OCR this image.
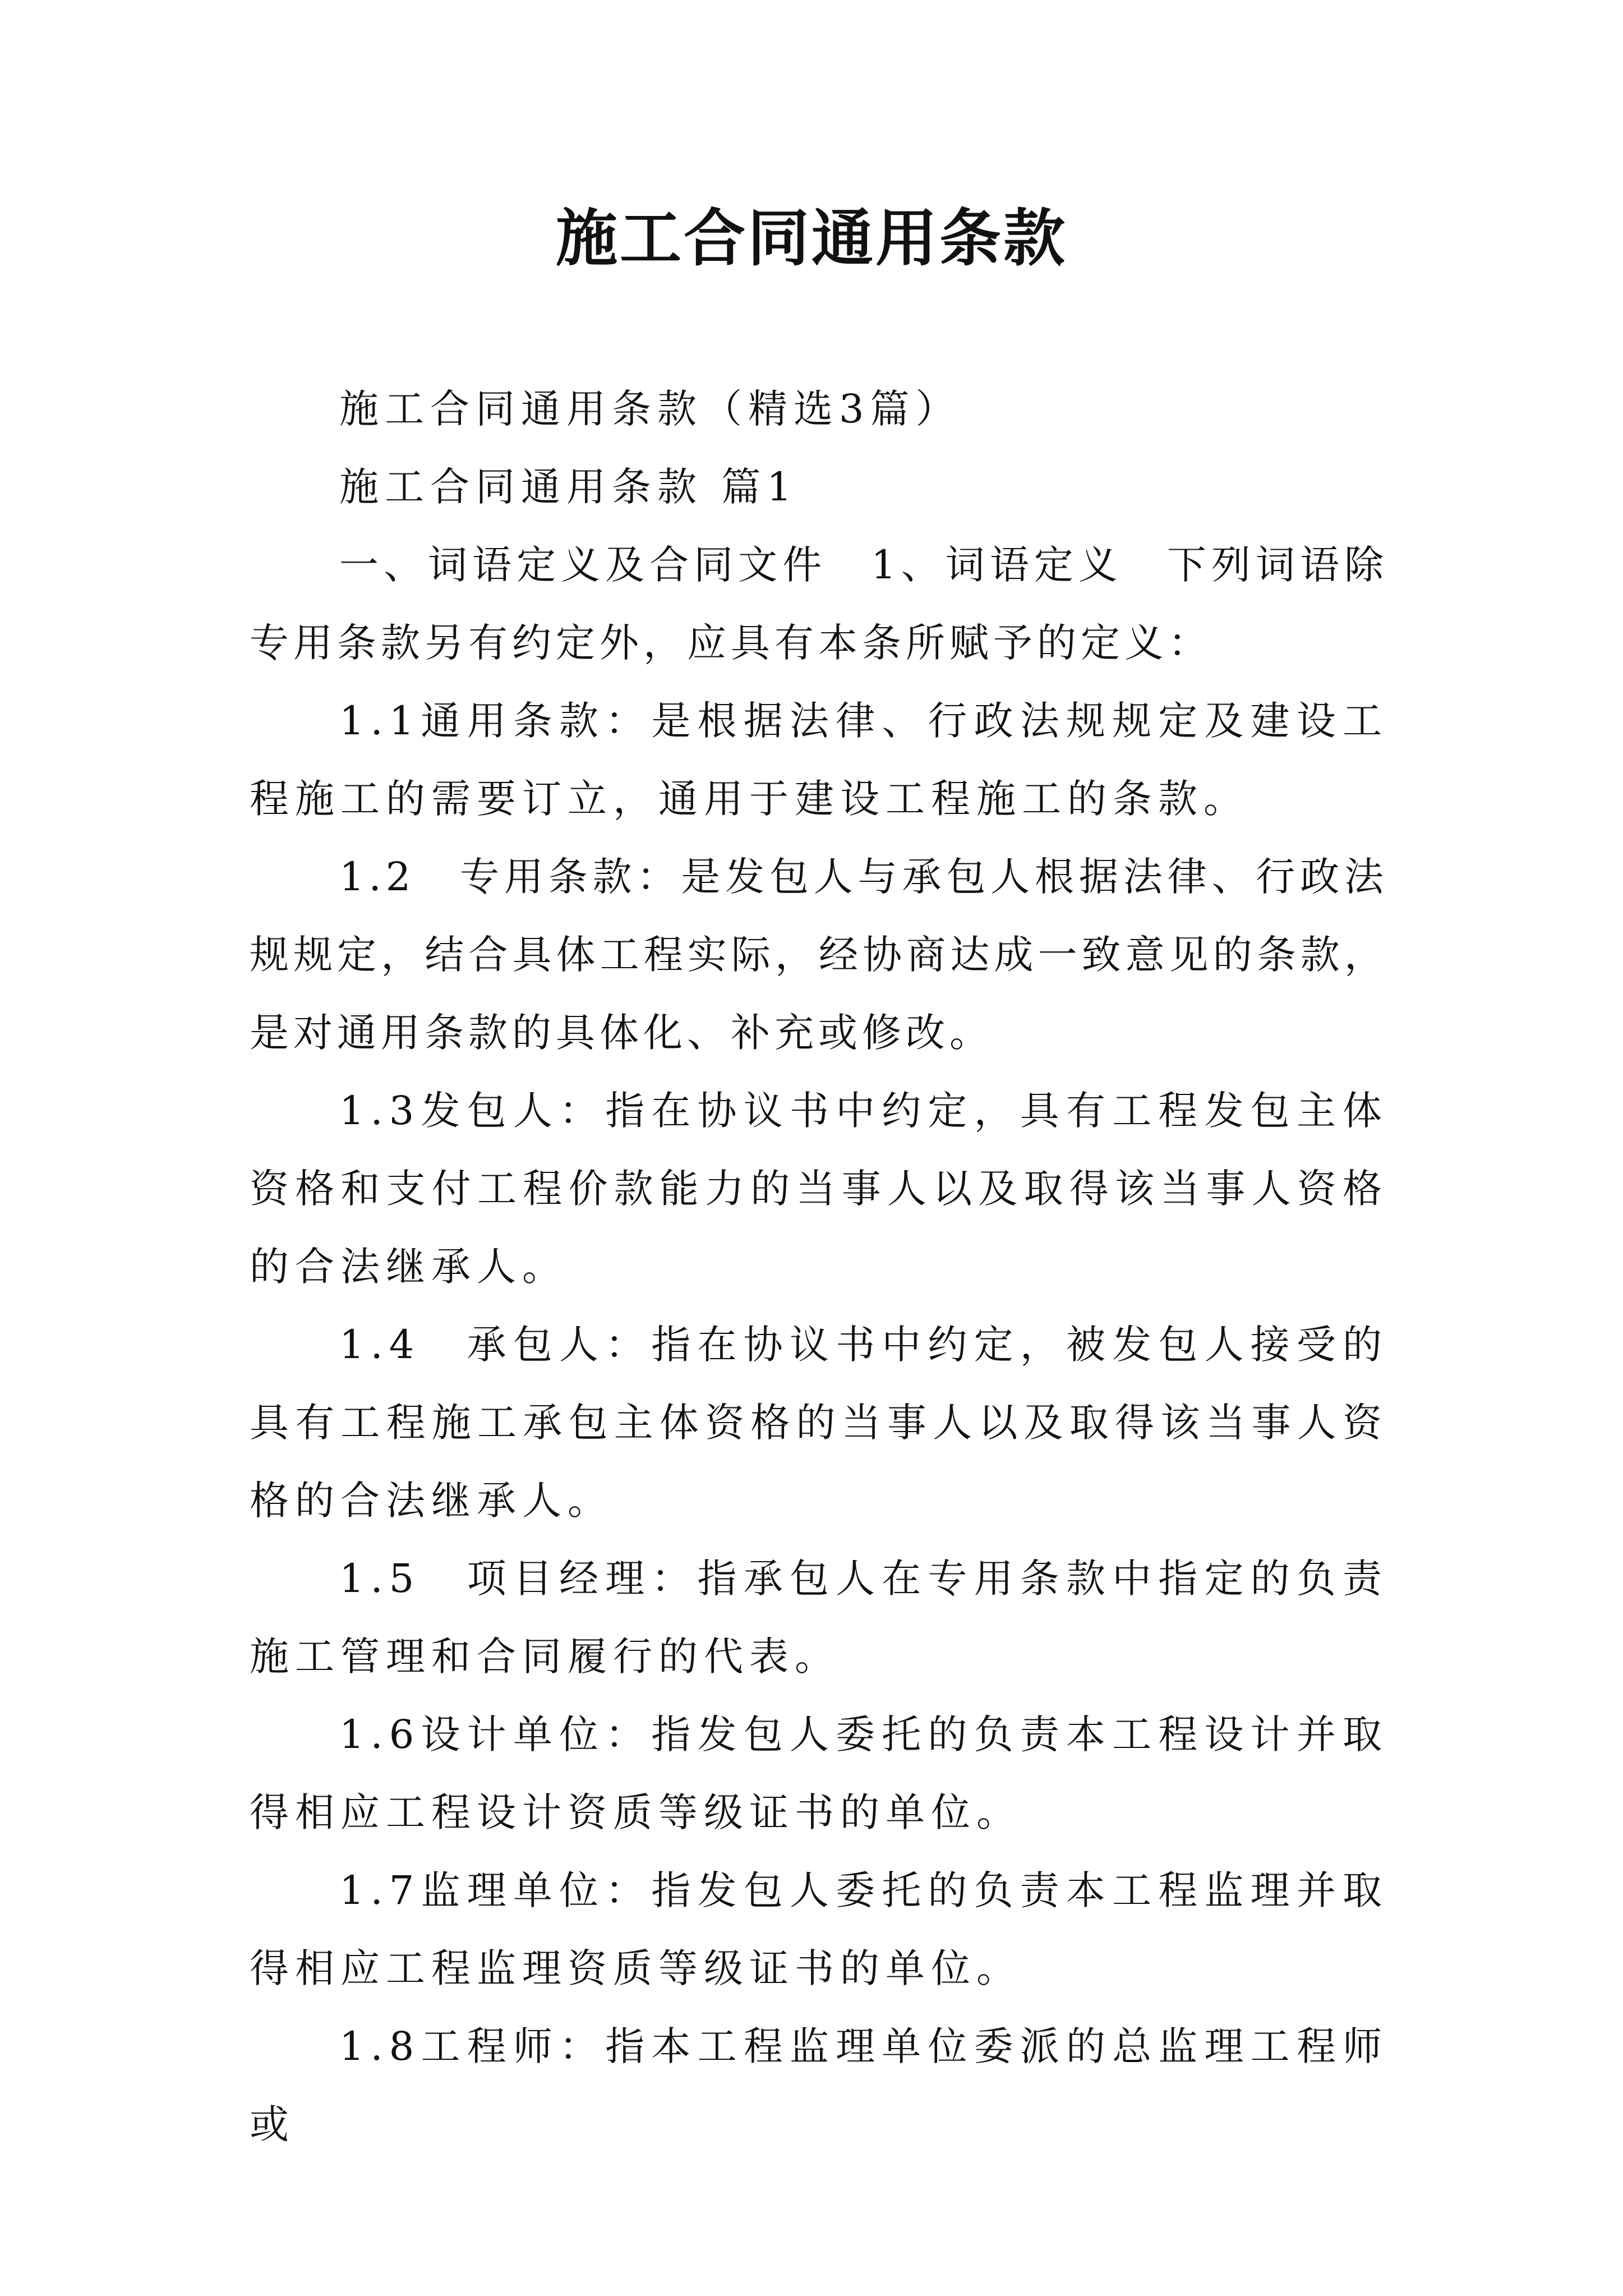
施工合同通用条款

施工合同通用条款（精选3篇）

施工合同通用条款 篇1

一、词语定义及合同文件　1、词语定义　下列词语除专用条款另有约定外，应具有本条所赋予的定义：

1.1通用条款：是根据法律、行政法规规定及建设工程施工的需要订立，通用于建设工程施工的条款。

1.2　专用条款：是发包人与承包人根据法律、行政法规规定，结合具体工程实际，经协商达成一致意见的条款，是对通用条款的具体化、补充或修改。

1.3发包人：指在协议书中约定，具有工程发包主体资格和支付工程价款能力的当事人以及取得该当事人资格的合法继承人。

1.4　承包人：指在协议书中约定，被发包人接受的具有工程施工承包主体资格的当事人以及取得该当事人资格的合法继承人。

1.5　项目经理：指承包人在专用条款中指定的负责施工管理和合同履行的代表。

1.6设计单位：指发包人委托的负责本工程设计并取得相应工程设计资质等级证书的单位。

1.7监理单位：指发包人委托的负责本工程监理并取得相应工程监理资质等级证书的单位。

1.8工程师：指本工程监理单位委派的总监理工程师或
